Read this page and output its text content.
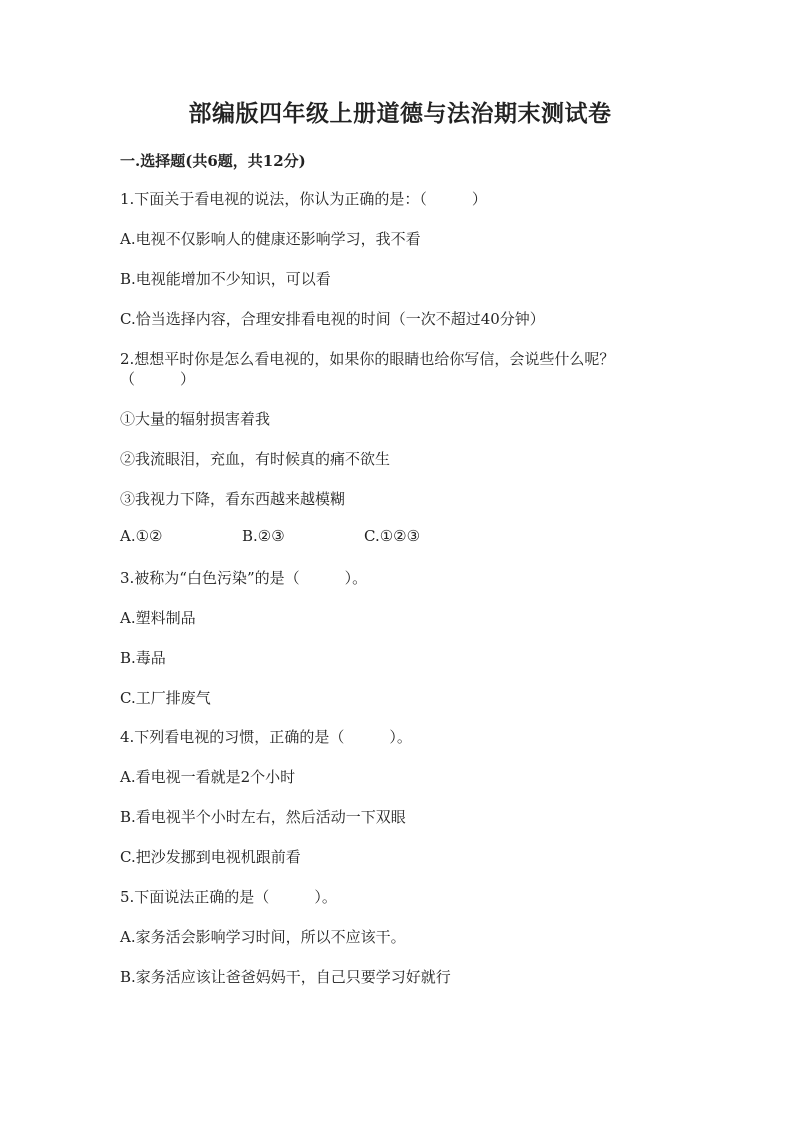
部编版四年级上册道德与法治期末测试卷
一.选择题(共6题，共12分)
1.下面关于看电视的说法，你认为正确的是：（　　　）
A.电视不仅影响人的健康还影响学习，我不看
B.电视能增加不少知识，可以看
C.恰当选择内容，合理安排看电视的时间（一次不超过40分钟）
2.想想平时你是怎么看电视的，如果你的眼睛也给你写信，会说些什么呢？
（　　　）
①大量的辐射损害着我
②我流眼泪，充血，有时候真的痛不欲生
③我视力下降，看东西越来越模糊
A.①②	B.②③	C.①②③
3.被称为“白色污染”的是（　　　）。
A.塑料制品
B.毒品
C.工厂排废气
4.下列看电视的习惯，正确的是（　　　）。
A.看电视一看就是2个小时
B.看电视半个小时左右，然后活动一下双眼
C.把沙发挪到电视机跟前看
5.下面说法正确的是（　　　）。
A.家务活会影响学习时间，所以不应该干。
B.家务活应该让爸爸妈妈干，自己只要学习好就行
